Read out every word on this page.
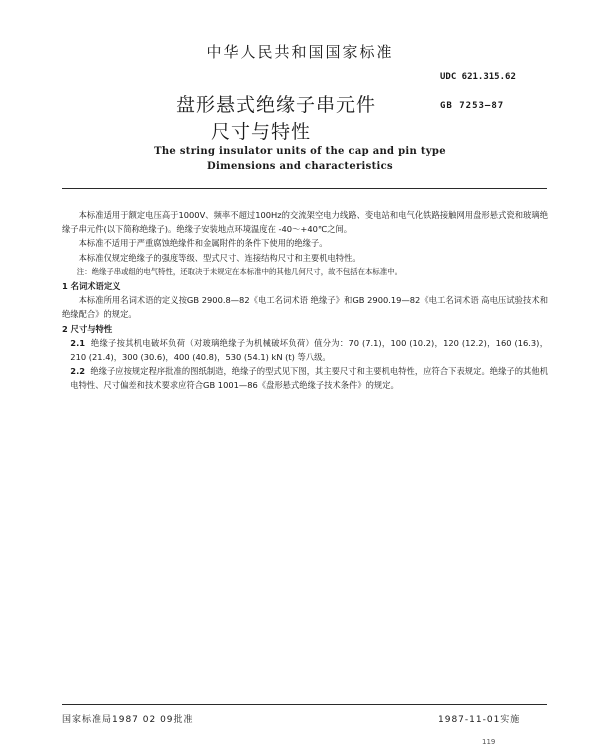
中华人民共和国国家标准
UDC 621.315.62
GB 7253—87
盘形悬式绝缘子串元件
尺寸与特性
The string insulator units of the cap and pin type
Dimensions and characteristics

本标准适用于额定电压高于1000V、频率不超过100Hz的交流架空电力线路、变电站和电气化铁路接触网用盘形悬式瓷和玻璃绝缘子串元件(以下简称绝缘子)。绝缘子安装地点环境温度在 -40～+40℃之间。

本标准不适用于严重腐蚀绝缘件和金属附件的条件下使用的绝缘子。

本标准仅规定绝缘子的强度等级、型式尺寸、连接结构尺寸和主要机电特性。

注：绝缘子串或组的电气特性，还取决于未规定在本标准中的其他几何尺寸，故不包括在本标准中。

1 名词术语定义

本标准所用名词术语的定义按GB 2900.8—82《电工名词术语 绝缘子》和GB 2900.19—82《电工名词术语 高电压试验技术和绝缘配合》的规定。

2 尺寸与特性

2.1 绝缘子按其机电破坏负荷（对玻璃绝缘子为机械破坏负荷）值分为：70 (7.1)，100 (10.2)，120 (12.2)，160 (16.3)，210 (21.4)，300 (30.6)，400 (40.8)，530 (54.1) kN (t) 等八级。

2.2 绝缘子应按规定程序批准的图纸制造，绝缘子的型式见下图，其主要尺寸和主要机电特性，应符合下表规定。绝缘子的其他机电特性、尺寸偏差和技术要求应符合GB 1001—86《盘形悬式绝缘子技术条件》的规定。

国家标准局1987 02 09批准	1987-11-01实施
119
